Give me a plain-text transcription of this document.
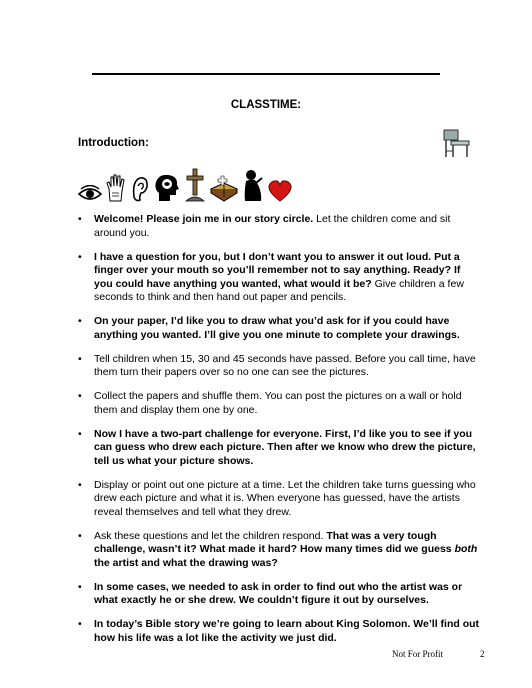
CLASSTIME:
Introduction:
• Welcome! Please join me in our story circle. Let the children come and sit around you.
• I have a question for you, but I don’t want you to answer it out loud. Put a finger over your mouth so you’ll remember not to say anything. Ready? If you could have anything you wanted, what would it be? Give children a few seconds to think and then hand out paper and pencils.
• On your paper, I’d like you to draw what you’d ask for if you could have anything you wanted. I’ll give you one minute to complete your drawings.
• Tell children when 15, 30 and 45 seconds have passed. Before you call time, have them turn their papers over so no one can see the pictures.
• Collect the papers and shuffle them. You can post the pictures on a wall or hold them and display them one by one.
• Now I have a two-part challenge for everyone. First, I’d like you to see if you can guess who drew each picture. Then after we know who drew the picture, tell us what your picture shows.
• Display or point out one picture at a time. Let the children take turns guessing who drew each picture and what it is. When everyone has guessed, have the artists reveal themselves and tell what they drew.
• Ask these questions and let the children respond. That was a very tough challenge, wasn’t it? What made it hard? How many times did we guess both the artist and what the drawing was?
• In some cases, we needed to ask in order to find out who the artist was or what exactly he or she drew. We couldn’t figure it out by ourselves.
• In today’s Bible story we’re going to learn about King Solomon. We’ll find out how his life was a lot like the activity we just did.
Not For Profit	2
